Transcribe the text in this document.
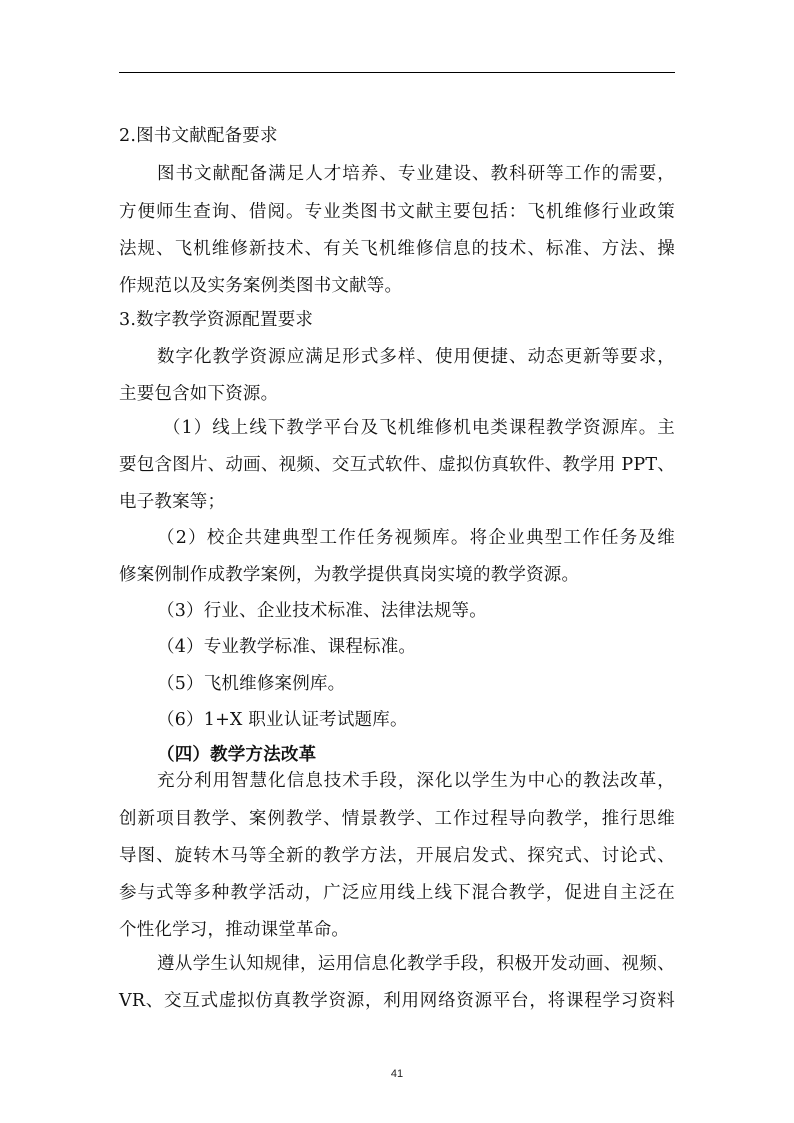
2.图书文献配备要求
图书文献配备满足人才培养、专业建设、教科研等工作的需要，
方便师生查询、借阅。专业类图书文献主要包括：飞机维修行业政策
法规、飞机维修新技术、有关飞机维修信息的技术、标准、方法、操
作规范以及实务案例类图书文献等。
3.数字教学资源配置要求
数字化教学资源应满足形式多样、使用便捷、动态更新等要求，
主要包含如下资源。
（1）线上线下教学平台及飞机维修机电类课程教学资源库。主
要包含图片、动画、视频、交互式软件、虚拟仿真软件、教学用 PPT、
电子教案等；
（2）校企共建典型工作任务视频库。将企业典型工作任务及维
修案例制作成教学案例，为教学提供真岗实境的教学资源。
（3）行业、企业技术标准、法律法规等。
（4）专业教学标准、课程标准。
（5）飞机维修案例库。
（6）1+X 职业认证考试题库。
（四）教学方法改革
充分利用智慧化信息技术手段，深化以学生为中心的教法改革，
创新项目教学、案例教学、情景教学、工作过程导向教学，推行思维
导图、旋转木马等全新的教学方法，开展启发式、探究式、讨论式、
参与式等多种教学活动，广泛应用线上线下混合教学，促进自主泛在
个性化学习，推动课堂革命。
遵从学生认知规律，运用信息化教学手段，积极开发动画、视频、
VR、交互式虚拟仿真教学资源，利用网络资源平台，将课程学习资料
41
